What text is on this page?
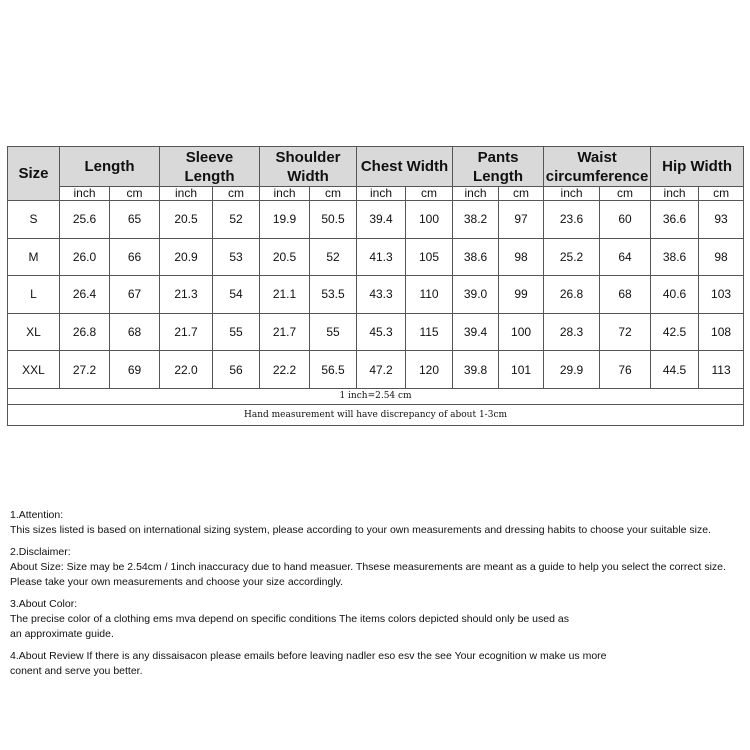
Size	Length		Sleeve Length		Shoulder Width		Chest Width		Pants Length		Waist circumference		Hip Width	
	inch	cm	inch	cm	inch	cm	inch	cm	inch	cm	inch	cm	inch	cm
S	25.6	65	20.5	52	19.9	50.5	39.4	100	38.2	97	23.6	60	36.6	93
M	26.0	66	20.9	53	20.5	52	41.3	105	38.6	98	25.2	64	38.6	98
L	26.4	67	21.3	54	21.1	53.5	43.3	110	39.0	99	26.8	68	40.6	103
XL	26.8	68	21.7	55	21.7	55	45.3	115	39.4	100	28.3	72	42.5	108
XXL	27.2	69	22.0	56	22.2	56.5	47.2	120	39.8	101	29.9	76	44.5	113
1 inch=2.54 cm														
Hand measurement will have discrepancy of about 1-3cm														

1.Attention:
This sizes listed is based on international sizing system, please according to your own measurements and dressing habits to choose your suitable size.

2.Disclaimer:
About Size: Size may be 2.54cm / 1inch inaccuracy due to hand measuer. Thsese measurements are meant as a guide to help you select the correct size.
Please take your own measurements and choose your size accordingly.

3.About Color:
The precise color of a clothing ems mva depend on specific conditions The items colors depicted should only be used as
an approximate guide.

4.About Review If there is any dissaisacon please emails before leaving nadler eso esv the see Your ecognition w make us more
conent and serve you better.
